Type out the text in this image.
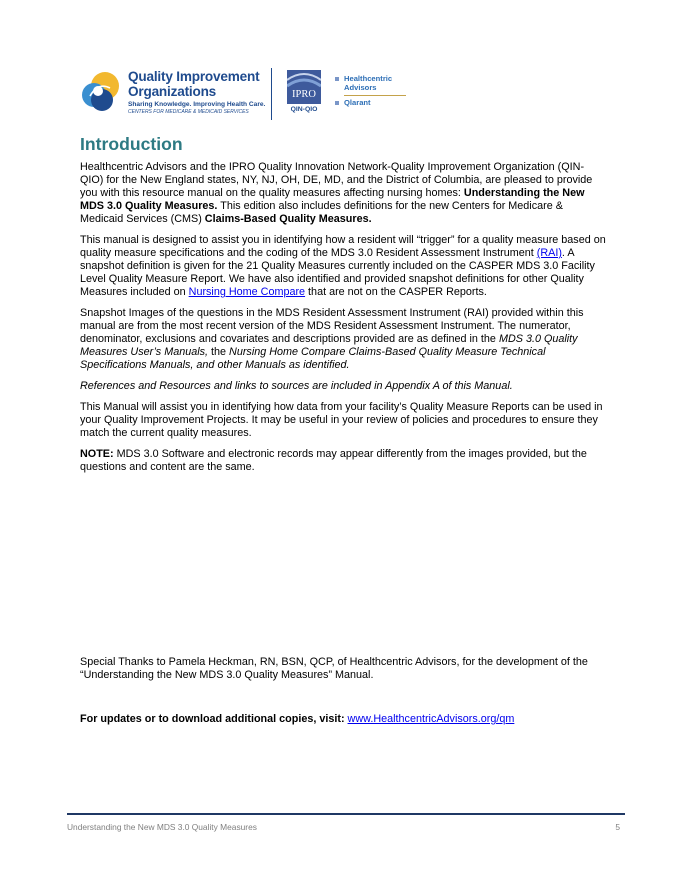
Quality Improvement
Organizations
Sharing Knowledge. Improving Health Care.
CENTERS FOR MEDICARE & MEDICAID SERVICES
IPRO
QIN-QIO
Healthcentric
Advisors
Qlarant
Introduction

Healthcentric Advisors and the IPRO Quality Innovation Network-Quality Improvement Organization (QIN-QIO) for the New England states, NY, NJ, OH, DE, MD, and the District of Columbia, are pleased to provide you with this resource manual on the quality measures affecting nursing homes: Understanding the New MDS 3.0 Quality Measures. This edition also includes definitions for the new Centers for Medicare & Medicaid Services (CMS) Claims-Based Quality Measures.

This manual is designed to assist you in identifying how a resident will “trigger” for a quality measure based on quality measure specifications and the coding of the MDS 3.0 Resident Assessment Instrument (RAI). A snapshot definition is given for the 21 Quality Measures currently included on the CASPER MDS 3.0 Facility Level Quality Measure Report. We have also identified and provided snapshot definitions for other Quality Measures included on Nursing Home Compare that are not on the CASPER Reports.

Snapshot Images of the questions in the MDS Resident Assessment Instrument (RAI) provided within this manual are from the most recent version of the MDS Resident Assessment Instrument. The numerator, denominator, exclusions and covariates and descriptions provided are as defined in the MDS 3.0 Quality Measures User’s Manuals, the Nursing Home Compare Claims-Based Quality Measure Technical Specifications Manuals, and other Manuals as identified.

References and Resources and links to sources are included in Appendix A of this Manual.

This Manual will assist you in identifying how data from your facility’s Quality Measure Reports can be used in your Quality Improvement Projects. It may be useful in your review of policies and procedures to ensure they match the current quality measures.

NOTE: MDS 3.0 Software and electronic records may appear differently from the images provided, but the questions and content are the same.

Special Thanks to Pamela Heckman, RN, BSN, QCP, of Healthcentric Advisors, for the development of the “Understanding the New MDS 3.0 Quality Measures” Manual.

For updates or to download additional copies, visit: www.HealthcentricAdvisors.org/qm

Understanding the New MDS 3.0 Quality Measures	5
